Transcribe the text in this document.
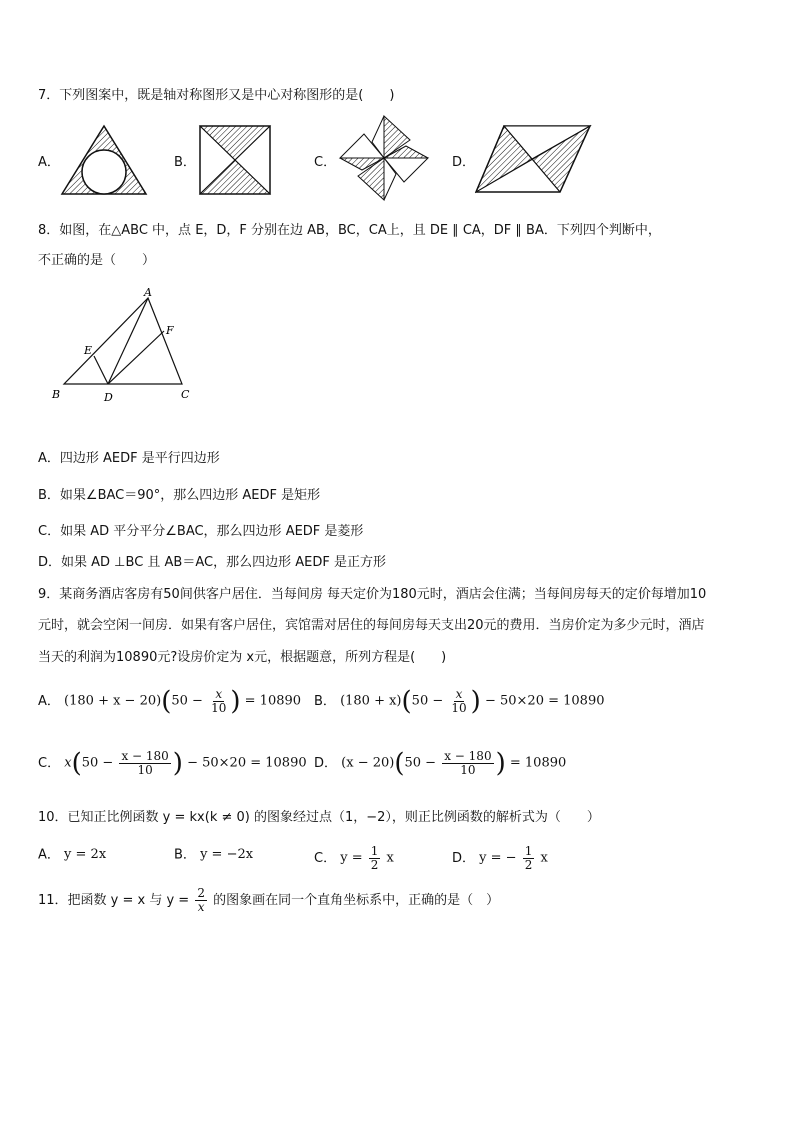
7．下列图案中，既是轴对称图形又是中心对称图形的是(　　)
A．	B．	C．	D．
8．如图，在△ABC 中，点 E，D，F 分别在边 AB，BC，CA上，且 DE ∥ CA，DF ∥ BA．下列四个判断中，
不正确的是（　　）
A
E
F
B	D	C
A．四边形 AEDF 是平行四边形
B．如果∠BAC＝90°，那么四边形 AEDF 是矩形
C．如果 AD 平分平分∠BAC，那么四边形 AEDF 是菱形
D．如果 AD ⊥BC 且 AB＝AC，那么四边形 AEDF 是正方形
9．某商务酒店客房有50间供客户居住．当每间房 每天定价为180元时，酒店会住满；当每间房每天的定价每增加10
元时，就会空闲一间房．如果有客户居住，宾馆需对居住的每间房每天支出20元的费用．当房价定为多少元时，酒店
当天的利润为10890元?设房价定为 x元，根据题意，所列方程是(　　)
A． $(180 + x - 20)(50 - \frac{x}{10}$ ) = 10890 B． $(180 + x)(50 - \frac{x}{10}$ ) − 50×20 = 10890
C． $x(50 - \frac{x - 180}{10}$ ) − 50×20 = 10890 D． $(x - 20)(50 - \frac{x - 180}{10}$ ) = 10890
10．已知正比例函数 y = kx(k ≠ 0) 的图象经过点（1，−2），则正比例函数的解析式为（　　）
A． y = 2x	B． y = −2x	C． $y = \frac{1}{2}$ x	D． y = − $\frac{1}{2}$ x
11．把函数 y = x 与 $y = \frac{2}{x}$ 的图象画在同一个直角坐标系中，正确的是（　）
